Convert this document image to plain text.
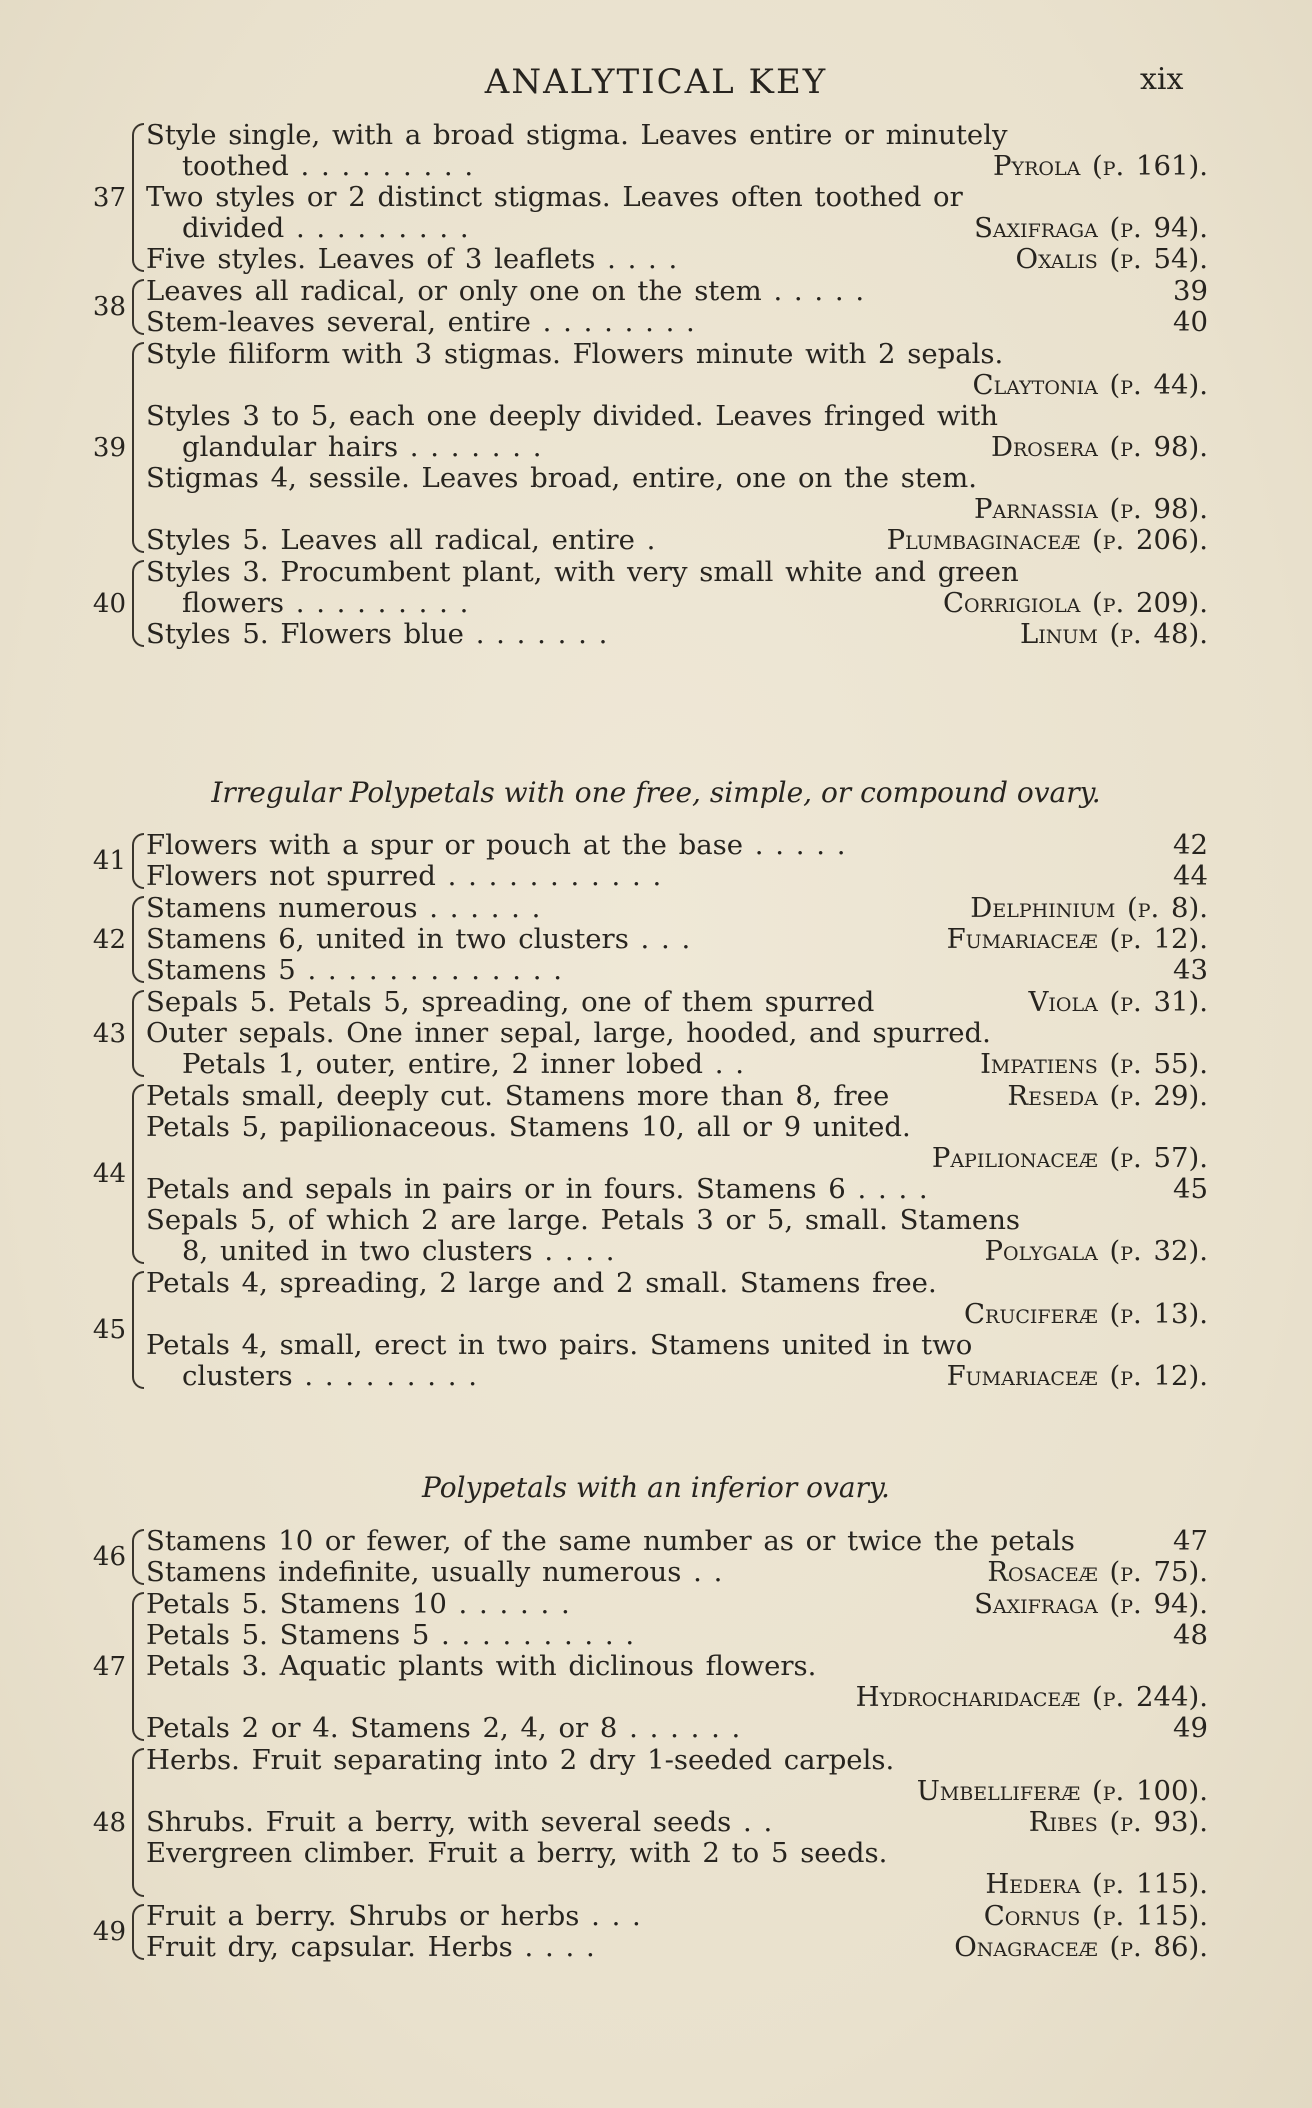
ANALYTICAL KEY	xix
37
Style single, with a broad stigma. Leaves entire or minutely
toothed . . . . . . . . .	Pyrola (p. 161).
Two styles or 2 distinct stigmas. Leaves often toothed or
divided . . . . . . . . .	Saxifraga (p. 94).
Five styles. Leaves of 3 leaflets . . . .	Oxalis (p. 54).
38 Leaves all radical, or only one on the stem . . . . .	39
Stem-leaves several, entire . . . . . . . .	40
39
Style filiform with 3 stigmas. Flowers minute with 2 sepals.
Claytonia (p. 44).
Styles 3 to 5, each one deeply divided. Leaves fringed with
glandular hairs . . . . . . .	Drosera (p. 98).
Stigmas 4, sessile. Leaves broad, entire, one on the stem.
Parnassia (p. 98).
Styles 5. Leaves all radical, entire .	Plumbaginaceæ (p. 206).
40
Styles 3. Procumbent plant, with very small white and green
flowers . . . . . . . . .	Corrigiola (p. 209).
Styles 5. Flowers blue . . . . . . .	Linum (p. 48).
Irregular Polypetals with one free, simple, or compound ovary.
41 Flowers with a spur or pouch at the base . . . . .	42
Flowers not spurred . . . . . . . . . . .	44
42
Stamens numerous . . . . . .	Delphinium (p. 8).
Stamens 6, united in two clusters . . .	Fumariaceæ (p. 12).
Stamens 5 . . . . . . . . . . . . .	43
43
Sepals 5. Petals 5, spreading, one of them spurred	Viola (p. 31).
Outer sepals. One inner sepal, large, hooded, and spurred.
Petals 1, outer, entire, 2 inner lobed . .	Impatiens (p. 55).
44
Petals small, deeply cut. Stamens more than 8, free	Reseda (p. 29).
Petals 5, papilionaceous. Stamens 10, all or 9 united.
Papilionaceæ (p. 57).
Petals and sepals in pairs or in fours. Stamens 6 . . . .	45
Sepals 5, of which 2 are large. Petals 3 or 5, small. Stamens
8, united in two clusters . . . .	Polygala (p. 32).
45
Petals 4, spreading, 2 large and 2 small. Stamens free.
Cruciferæ (p. 13).
Petals 4, small, erect in two pairs. Stamens united in two
clusters . . . . . . . . .	Fumariaceæ (p. 12).
Polypetals with an inferior ovary.
46 Stamens 10 or fewer, of the same number as or twice the petals	47
Stamens indefinite, usually numerous . .	Rosaceæ (p. 75).
47
Petals 5. Stamens 10 . . . . . .	Saxifraga (p. 94).
Petals 5. Stamens 5 . . . . . . . . . .	48
Petals 3. Aquatic plants with diclinous flowers.
Hydrocharidaceæ (p. 244).
Petals 2 or 4. Stamens 2, 4, or 8 . . . . . .	49
48
Herbs. Fruit separating into 2 dry 1-seeded carpels.
Umbelliferæ (p. 100).
Shrubs. Fruit a berry, with several seeds . .	Ribes (p. 93).
Evergreen climber. Fruit a berry, with 2 to 5 seeds.
Hedera (p. 115).
49 Fruit a berry. Shrubs or herbs . . .	Cornus (p. 115).
Fruit dry, capsular. Herbs . . . .	Onagraceæ (p. 86).
